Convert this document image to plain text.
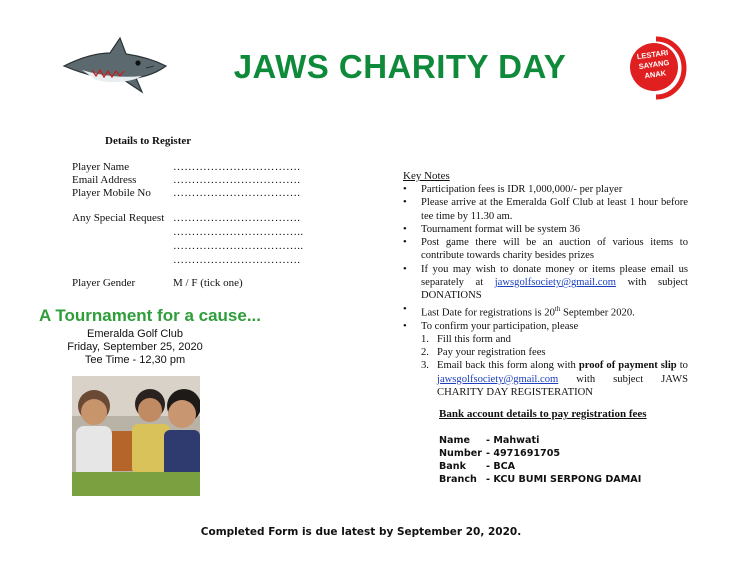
JAWS CHARITY DAY	LESTARI
SAYANG
ANAK
Details to Register
Player Name	…………………………….
Email Address	…………………………….
Player Mobile No …………………………….
Any Special Request …………………………….
……………………………..
……………………………..
…………………………….
Player Gender	M / F (tick one)
A Tournament for a cause...
Emeralda Golf Club
Friday, September 25, 2020
Tee Time - 12,30 pm
Key Notes
• Participation fees is IDR 1,000,000/- per player
• Please arrive at the Emeralda Golf Club at least 1 hour before tee time by 11.30 am.
• Tournament format will be system 36
• Post game there will be an auction of various items to contribute towards charity besides prizes
• If you may wish to donate money or items please email us separately at jawsgolfsociety@gmail.com with subject DONATIONS
• Last Date for registrations is 20th September 2020.
• To confirm your participation, please
1. Fill this form and
2. Pay your registration fees
3. Email back this form along with proof of payment slip to jawsgolfsociety@gmail.com with subject JAWS CHARITY DAY REGISTERATION
Bank account details to pay registration fees
Name - Mahwati
Number - 4971691705
Bank - BCA
Branch - KCU BUMI SERPONG DAMAI
Completed Form is due latest by September 20, 2020.
